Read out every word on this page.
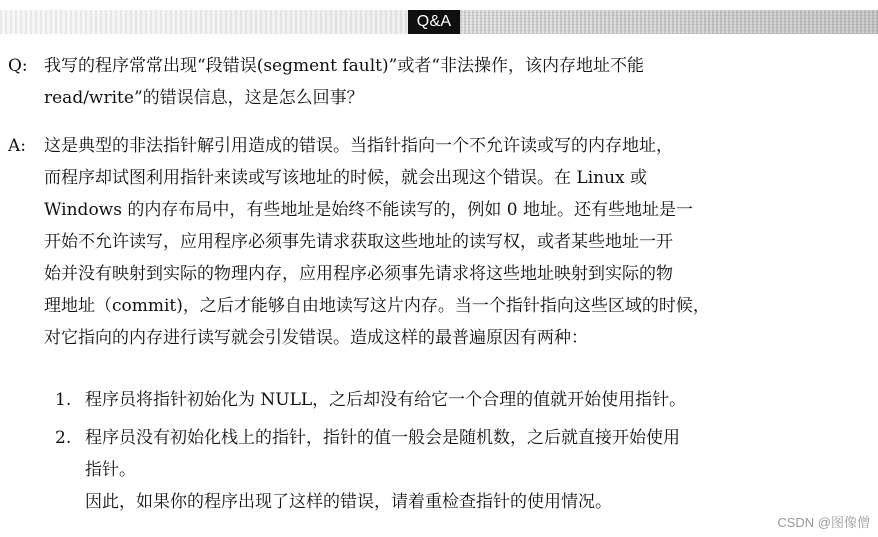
Q&A
Q: 我写的程序常常出现“段错误(segment fault)”或者“非法操作，该内存地址不能
read/write”的错误信息，这是怎么回事？
A:	这是典型的非法指针解引用造成的错误。当指针指向一个不允许读或写的内存地址，
而程序却试图利用指针来读或写该地址的时候，就会出现这个错误。在 Linux 或
Windows 的内存布局中，有些地址是始终不能读写的，例如 0 地址。还有些地址是一
开始不允许读写，应用程序必须事先请求获取这些地址的读写权，或者某些地址一开
始并没有映射到实际的物理内存，应用程序必须事先请求将这些地址映射到实际的物
理地址（commit)，之后才能够自由地读写这片内存。当一个指针指向这些区域的时候，
对它指向的内存进行读写就会引发错误。造成这样的最普遍原因有两种：
1. 程序员将指针初始化为 NULL，之后却没有给它一个合理的值就开始使用指针。
2. 程序员没有初始化栈上的指针，指针的值一般会是随机数，之后就直接开始使用
指针。
因此，如果你的程序出现了这样的错误，请着重检查指针的使用情况。
CSDN @图像僧
